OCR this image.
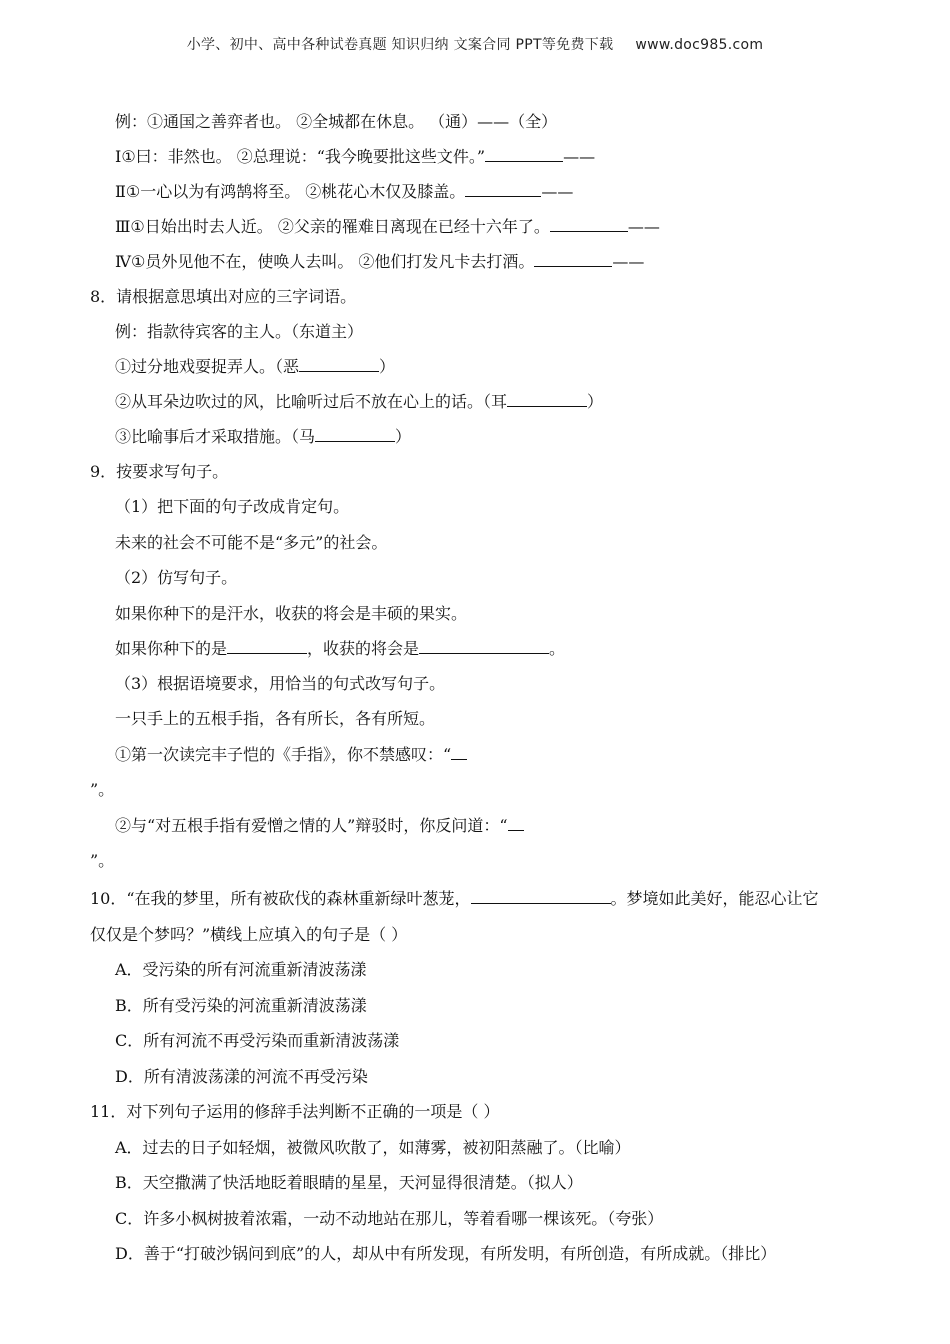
小学、初中、高中各种试卷真题 知识归纳 文案合同 PPT等免费下载 www.doc985.com
例：①通国之善弈者也。 ②全城都在休息。 （通）——（全）
Ⅰ①曰：非然也。 ②总理说：“我今晚要批这些文件。”	——
Ⅱ①一心以为有鸿鹄将至。 ②桃花心木仅及膝盖。	——
Ⅲ①日始出时去人近。 ②父亲的罹难日离现在已经十六年了。	——
Ⅳ①员外见他不在，使唤人去叫。 ②他们打发凡卡去打酒。	——
8．请根据意思填出对应的三字词语。
例：指款待宾客的主人。（东道主）
①过分地戏耍捉弄人。（恶	）
②从耳朵边吹过的风，比喻听过后不放在心上的话。（耳	）
③比喻事后才采取措施。（马	）
9．按要求写句子。
（1）把下面的句子改成肯定句。
未来的社会不可能不是“多元”的社会。
（2）仿写句子。
如果你种下的是汗水，收获的将会是丰硕的果实。
如果你种下的是	，收获的将会是	。
（3）根据语境要求，用恰当的句式改写句子。
一只手上的五根手指，各有所长，各有所短。
①第一次读完丰子恺的《手指》，你不禁感叹：“
”。
②与“对五根手指有爱憎之情的人”辩驳时，你反问道：“
”。
10．“在我的梦里，所有被砍伐的森林重新绿叶葱茏，	。梦境如此美好，能忍心让它
仅仅是个梦吗？”横线上应填入的句子是（ ）
A．受污染的所有河流重新清波荡漾
B．所有受污染的河流重新清波荡漾
C．所有河流不再受污染而重新清波荡漾
D．所有清波荡漾的河流不再受污染
11．对下列句子运用的修辞手法判断不正确的一项是（ ）
A．过去的日子如轻烟，被微风吹散了，如薄雾，被初阳蒸融了。（比喻）
B．天空撒满了快活地眨着眼睛的星星，天河显得很清楚。（拟人）
C．许多小枫树披着浓霜，一动不动地站在那儿，等着看哪一棵该死。（夸张）
D．善于“打破沙锅问到底”的人，却从中有所发现，有所发明，有所创造，有所成就。（排比）
